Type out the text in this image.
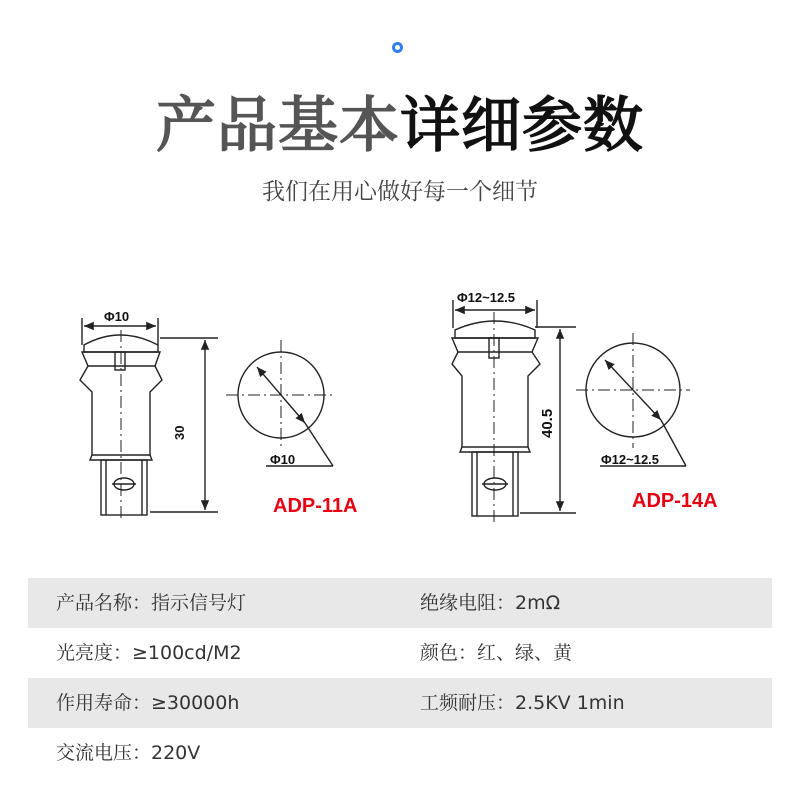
产品基本详细参数
我们在用心做好每一个细节
Φ10
30
Φ10
Φ12~12.5
40.5
Φ12~12.5
ADP-11A	ADP-14A
产品名称：指示信号灯	绝缘电阻：2mΩ
光亮度：≥100cd/M2	颜色：红、绿、黄
作用寿命：≥30000h	工频耐压：2.5KV 1min
交流电压：220V
